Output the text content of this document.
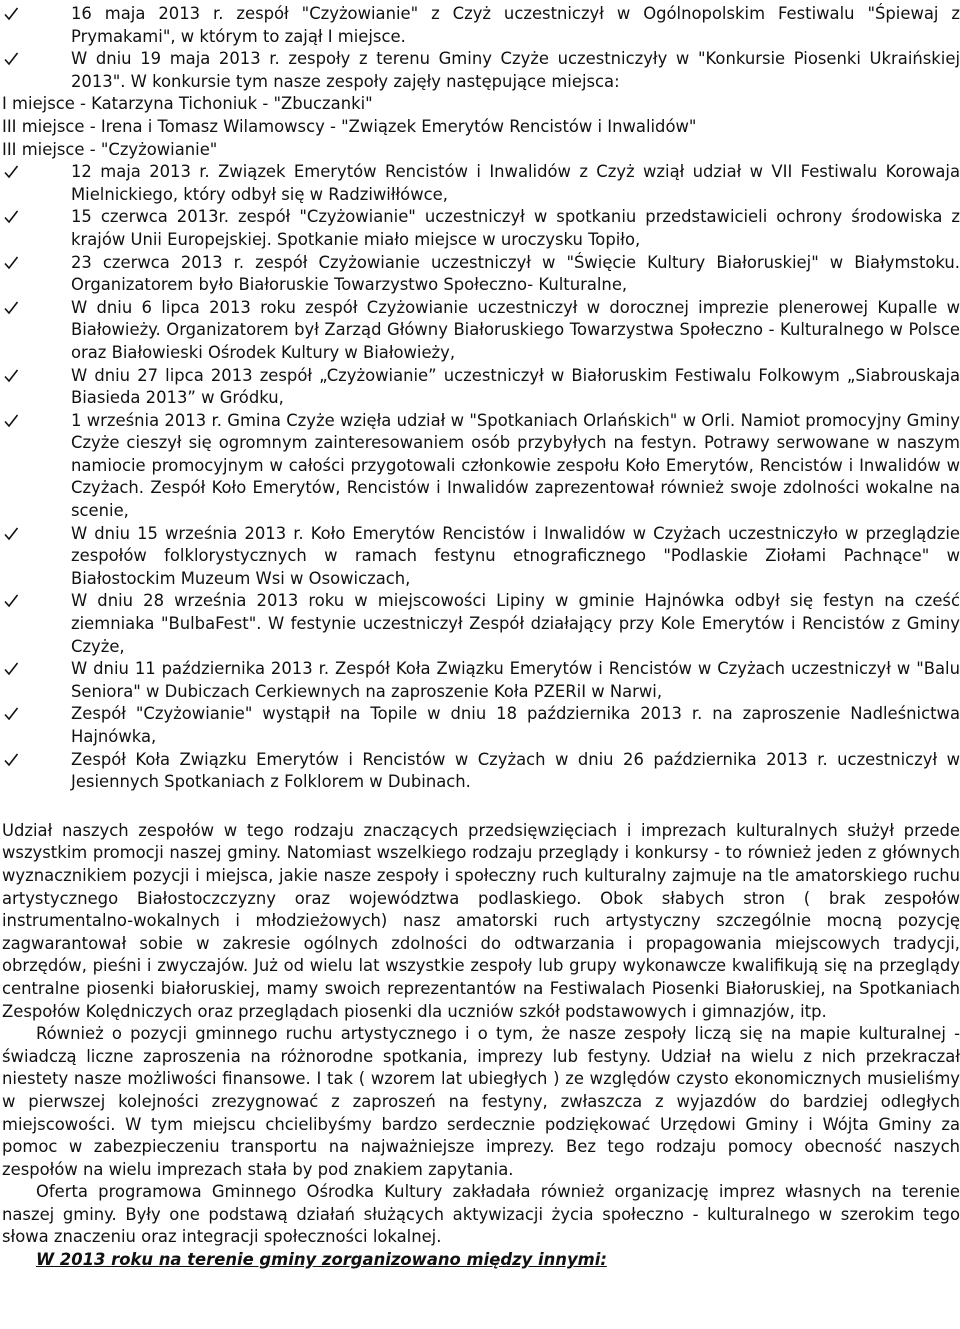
16 maja 2013 r. zespół "Czyżowianie" z Czyż uczestniczył w Ogólnopolskim Festiwalu "Śpiewaj z Prymakami", w którym to zajął I miejsce.
W dniu 19 maja 2013 r. zespoły z terenu Gminy Czyże uczestniczyły w "Konkursie Piosenki Ukraińskiej 2013". W konkursie tym nasze zespoły zajęły następujące miejsca:
I miejsce - Katarzyna Tichoniuk - "Zbuczanki"
III miejsce - Irena i Tomasz Wilamowscy - "Związek Emerytów Rencistów i Inwalidów"
III miejsce - "Czyżowianie"
12 maja 2013 r. Związek Emerytów Rencistów i Inwalidów z Czyż wziął udział w VII Festiwalu Korowaja Mielnickiego, który odbył się w Radziwiłłówce,
15 czerwca 2013r. zespół "Czyżowianie" uczestniczył w spotkaniu przedstawicieli ochrony środowiska z krajów Unii Europejskiej. Spotkanie miało miejsce w uroczysku Topiło,
23 czerwca 2013 r. zespół Czyżowianie uczestniczył w "Święcie Kultury Białoruskiej" w Białymstoku. Organizatorem było Białoruskie Towarzystwo Społeczno- Kulturalne,
W dniu 6 lipca 2013 roku zespół Czyżowianie uczestniczył w dorocznej imprezie plenerowej Kupalle w Białowieży. Organizatorem był Zarząd Główny Białoruskiego Towarzystwa Społeczno - Kulturalnego w Polsce oraz Białowieski Ośrodek Kultury w Białowieży,
W dniu 27 lipca 2013 zespół „Czyżowianie” uczestniczył w Białoruskim Festiwalu Folkowym „Siabrouskaja Biasieda 2013” w Gródku,
1 września 2013 r. Gmina Czyże wzięła udział w "Spotkaniach Orlańskich" w Orli. Namiot promocyjny Gminy Czyże cieszył się ogromnym zainteresowaniem osób przybyłych na festyn. Potrawy serwowane w naszym namiocie promocyjnym w całości przygotowali członkowie zespołu Koło Emerytów, Rencistów i Inwalidów w Czyżach. Zespół Koło Emerytów, Rencistów i Inwalidów zaprezentował również swoje zdolności wokalne na scenie,
W dniu 15 września 2013 r. Koło Emerytów Rencistów i Inwalidów w Czyżach uczestniczyło w przeglądzie zespołów folklorystycznych w ramach festynu etnograficznego "Podlaskie Ziołami Pachnące" w Białostockim Muzeum Wsi w Osowiczach,
W dniu 28 września 2013 roku w miejscowości Lipiny w gminie Hajnówka odbył się festyn na cześć ziemniaka "BulbaFest". W festynie uczestniczył Zespół działający przy Kole Emerytów i Rencistów z Gminy Czyże,
W dniu 11 października 2013 r. Zespół Koła Związku Emerytów i Rencistów w Czyżach uczestniczył w "Balu Seniora" w Dubiczach Cerkiewnych na zaproszenie Koła PZERiI w Narwi,
Zespół "Czyżowianie" wystąpił na Topile w dniu 18 października 2013 r. na zaproszenie Nadleśnictwa Hajnówka,
Zespół Koła Związku Emerytów i Rencistów w Czyżach w dniu 26 października 2013 r. uczestniczył w Jesiennych Spotkaniach z Folklorem w Dubinach.

Udział naszych zespołów w tego rodzaju znaczących przedsięwzięciach i imprezach kulturalnych służył przede wszystkim promocji naszej gminy. Natomiast wszelkiego rodzaju przeglądy i konkursy - to również jeden z głównych wyznacznikiem pozycji i miejsca, jakie nasze zespoły i społeczny ruch kulturalny zajmuje na tle amatorskiego ruchu artystycznego Białostoczczyzny oraz województwa podlaskiego. Obok słabych stron ( brak zespołów instrumentalno-wokalnych i młodzieżowych) nasz amatorski ruch artystyczny szczególnie mocną pozycję zagwarantował sobie w zakresie ogólnych zdolności do odtwarzania i propagowania miejscowych tradycji, obrzędów, pieśni i zwyczajów. Już od wielu lat wszystkie zespoły lub grupy wykonawcze kwalifikują się na przeglądy centralne piosenki białoruskiej, mamy swoich reprezentantów na Festiwalach Piosenki Białoruskiej, na Spotkaniach Zespołów Kolędniczych oraz przeglądach piosenki dla uczniów szkół podstawowych i gimnazjów, itp.

Również o pozycji gminnego ruchu artystycznego i o tym, że nasze zespoły liczą się na mapie kulturalnej - świadczą liczne zaproszenia na różnorodne spotkania, imprezy lub festyny. Udział na wielu z nich przekraczał niestety nasze możliwości finansowe. I tak ( wzorem lat ubiegłych ) ze względów czysto ekonomicznych musieliśmy w pierwszej kolejności zrezygnować z zaproszeń na festyny, zwłaszcza z wyjazdów do bardziej odległych miejscowości. W tym miejscu chcielibyśmy bardzo serdecznie podziękować Urzędowi Gminy i Wójta Gminy za pomoc w zabezpieczeniu transportu na najważniejsze imprezy. Bez tego rodzaju pomocy obecność naszych zespołów na wielu imprezach stała by pod znakiem zapytania.

Oferta programowa Gminnego Ośrodka Kultury zakładała również organizację imprez własnych na terenie naszej gminy. Były one podstawą działań służących aktywizacji życia społeczno - kulturalnego w szerokim tego słowa znaczeniu oraz integracji społeczności lokalnej.

W 2013 roku na terenie gminy zorganizowano między innymi:
